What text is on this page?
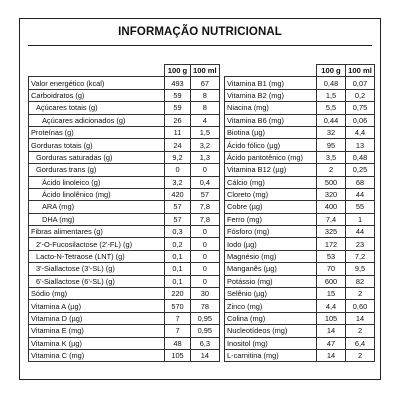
INFORMAÇÃO NUTRICIONAL
	100 g	100 ml
Valor energético (kcal)	493	67
Carboidratos (g)	59	8
Açúcares totais (g)	59	8
Açúcares adicionados (g)	26	4
Proteínas (g)	11	1,5
Gorduras totais (g)	24	3,2
Gorduras saturadas (g)	9,2	1,3
Gorduras trans (g)	0	0
Ácido linoleico (g)	3,2	0,4
Ácido linolênico (mg)	420	57
ARA (mg)	57	7,8
DHA (mg)	57	7,8
Fibras alimentares (g)	0,3	0
2'-O-Fucosilactose (2'-FL) (g)	0,2	0
Lacto-N-Tetraose (LNT) (g)	0,1	0
3'-Siallactose (3'-SL) (g)	0,1	0
6'-Siallactose (6'-SL) (g)	0,1	0
Sódio (mg)	220	30
Vitamina A (µg)	570	78
Vitamina D (µg)	7	0,95
Vitamina E (mg)	7	0,95
Vitamina K (µg)	48	6,3
Vitamina C (mg)	105	14
	100 g	100 ml
Vitamina B1 (mg)	0,48	0,07
Vitamina B2 (mg)	1,5	0,2
Niacina (mg)	5,5	0,75
Vitamina B6 (mg)	0,44	0,06
Biotina (µg)	32	4,4
Ácido fólico (µg)	95	13
Ácido pantotênico (mg)	3,5	0,48
Vitamina B12 (µg)	2	0,25
Cálcio (mg)	500	68
Cloreto (mg)	320	44
Cobre (µg)	400	55
Ferro (mg)	7,4	1
Fósforo (mg)	325	44
Iodo (µg)	172	23
Magnésio (mg)	53	7,2
Manganês (µg)	70	9,5
Potássio (mg)	600	82
Selênio (µg)	15	2
Zinco (mg)	4,4	0,60
Colina (mg)	105	14
Nucleotídeos (mg)	14	2
Inositol (mg)	47	6,4
L-carnitina (mg)	14	2
